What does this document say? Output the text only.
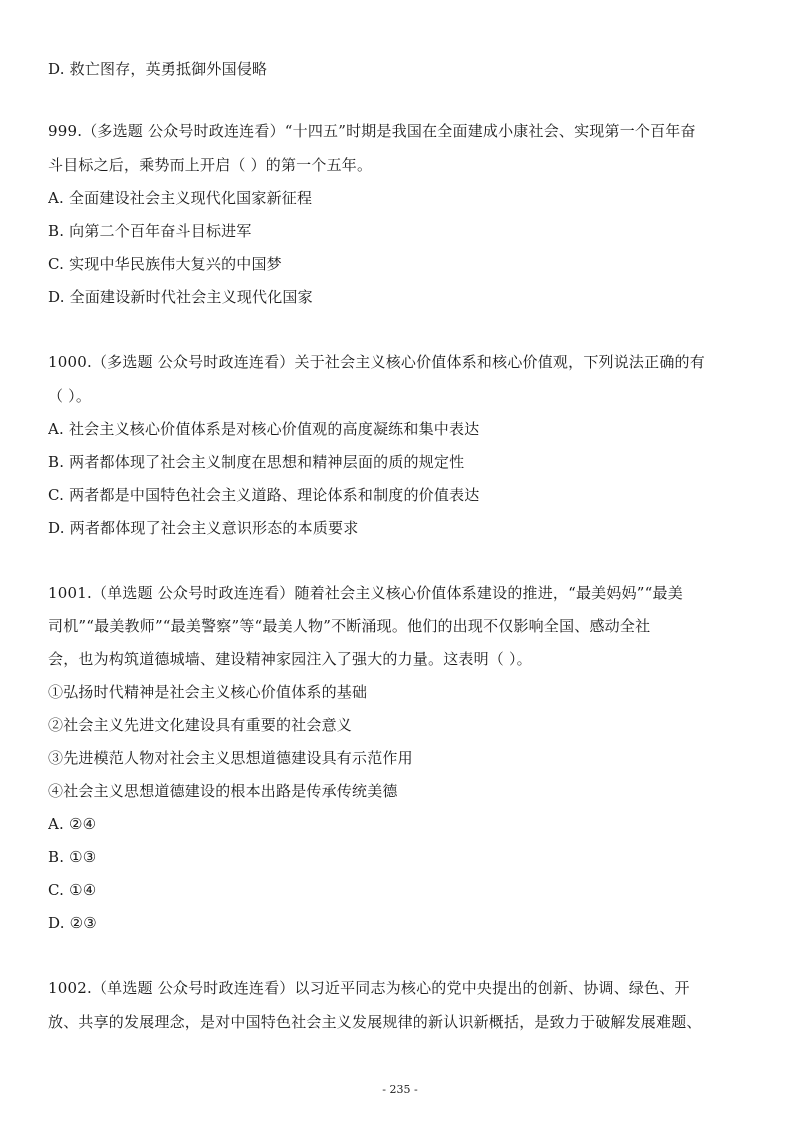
D. 救亡图存，英勇抵御外国侵略
999.（多选题 公众号时政连连看）“十四五”时期是我国在全面建成小康社会、实现第一个百年奋
斗目标之后，乘势而上开启（ ）的第一个五年。
A. 全面建设社会主义现代化国家新征程
B. 向第二个百年奋斗目标进军
C. 实现中华民族伟大复兴的中国梦
D. 全面建设新时代社会主义现代化国家
1000.（多选题 公众号时政连连看）关于社会主义核心价值体系和核心价值观，下列说法正确的有
（ ）。
A. 社会主义核心价值体系是对核心价值观的高度凝练和集中表达
B. 两者都体现了社会主义制度在思想和精神层面的质的规定性
C. 两者都是中国特色社会主义道路、理论体系和制度的价值表达
D. 两者都体现了社会主义意识形态的本质要求
1001.（单选题 公众号时政连连看）随着社会主义核心价值体系建设的推进，“最美妈妈”“最美
司机”“最美教师”“最美警察”等“最美人物”不断涌现。他们的出现不仅影响全国、感动全社
会，也为构筑道德城墙、建设精神家园注入了强大的力量。这表明（ ）。
①弘扬时代精神是社会主义核心价值体系的基础
②社会主义先进文化建设具有重要的社会意义
③先进模范人物对社会主义思想道德建设具有示范作用
④社会主义思想道德建设的根本出路是传承传统美德
A. ②④
B. ①③
C. ①④
D. ②③
1002.（单选题 公众号时政连连看）以习近平同志为核心的党中央提出的创新、协调、绿色、开
放、共享的发展理念，是对中国特色社会主义发展规律的新认识新概括，是致力于破解发展难题、
- 235 -
